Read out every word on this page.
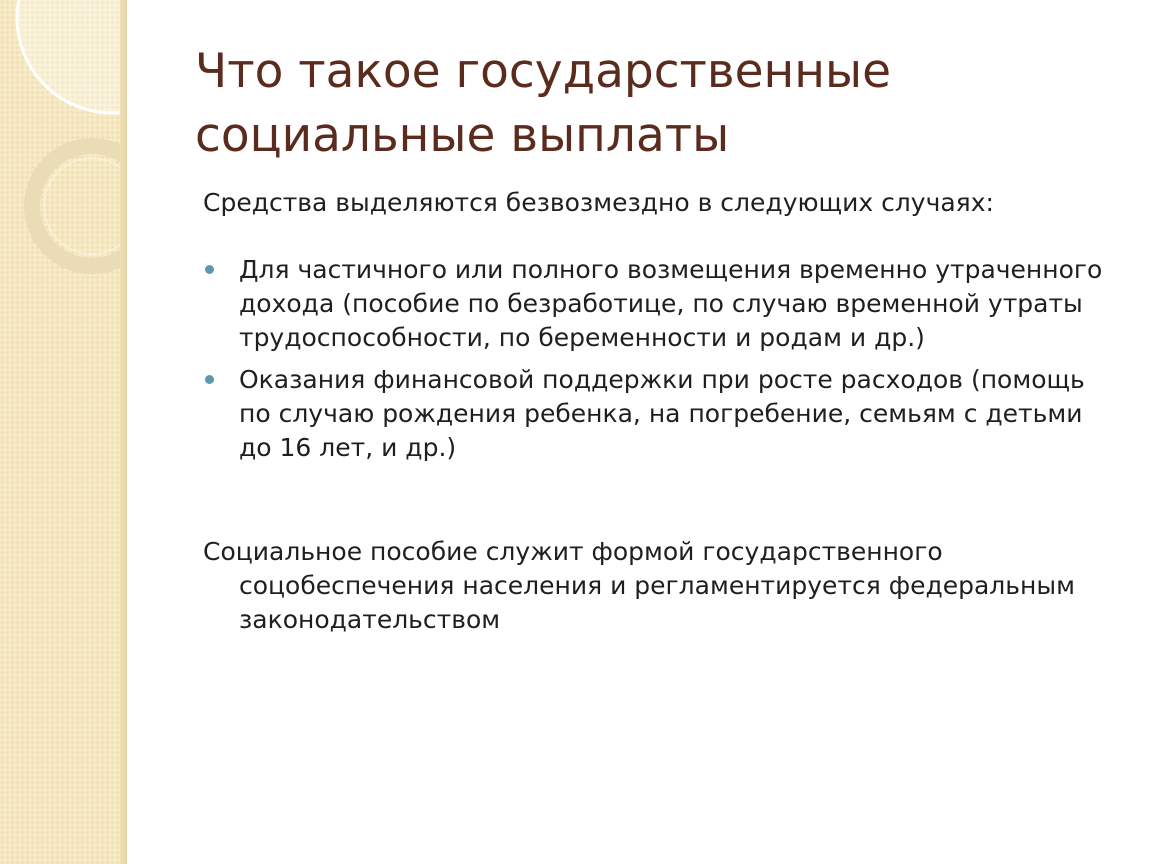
Что такое государственные социальные выплаты

Средства выделяются безвозмездно в следующих случаях:

Для частичного или полного возмещения временно утраченного дохода (пособие по безработице, по случаю временной утраты трудоспособности, по беременности и родам и др.)
Оказания финансовой поддержки при росте расходов (помощь по случаю рождения ребенка, на погребение, семьям с детьми до 16 лет, и др.)

Социальное пособие служит формой государственного соцобеспечения населения и регламентируется федеральным законодательством
